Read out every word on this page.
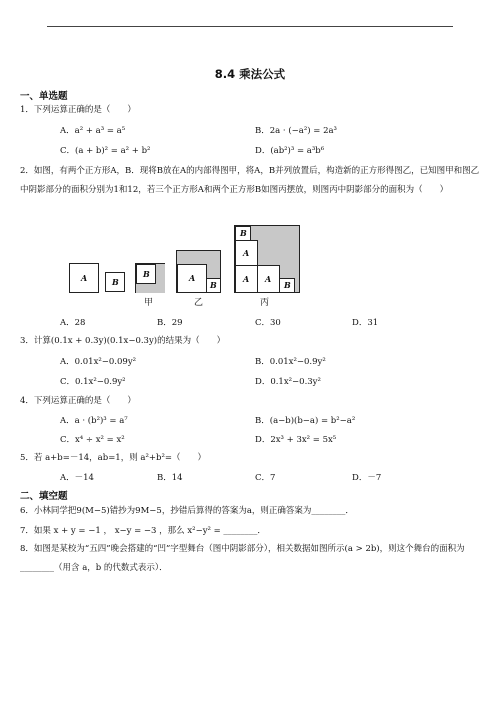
8.4 乘法公式
一、单选题
1．下列运算正确的是（　　）
A．a² + a³ = a⁵	B．2a · (−a²) = 2a³
C．(a + b)² = a² + b²	D．(ab²)³ = a³b⁶
2．如图，有两个正方形A，B．现将B放在A的内部得图甲，将A，B并列放置后，构造新的正方形得图乙，已知图甲和图乙中阴影部分的面积分别为1和12，若三个正方形A和两个正方形B如图丙摆放，则图丙中阴影部分的面积为（　　）
A	B
B
甲
A
B
乙
B
A
A A
B
丙
A．28	B．29	C．30	D．31
3．计算(0.1x + 0.3y)(0.1x−0.3y)的结果为（　　）
A．0.01x²−0.09y²	B．0.01x²−0.9y²
C．0.1x²−0.9y²	D．0.1x²−0.3y²
4．下列运算正确的是（　　）
A．a · (b²)³ = a⁷	B．(a−b)(b−a) = b²−a²
C．x⁴ ÷ x² = x²	D．2x³ + 3x² = 5x⁵
5．若 a+b=－14，ab=1，则 a²+b²=（　　）
A．－14	B．14	C．7	D．－7
二、填空题
6．小林同学把9(M−5)错抄为9M−5，抄错后算得的答案为a，则正确答案为________．
7．如果 x + y = −1 ， x−y = −3 ，那么 x²−y² = ________．
8．如图是某校为“五四”晚会搭建的“凹”字型舞台（图中阴影部分），相关数据如图所示(a > 2b)，则这个舞台的面积为________（用含 a，b 的代数式表示）．
